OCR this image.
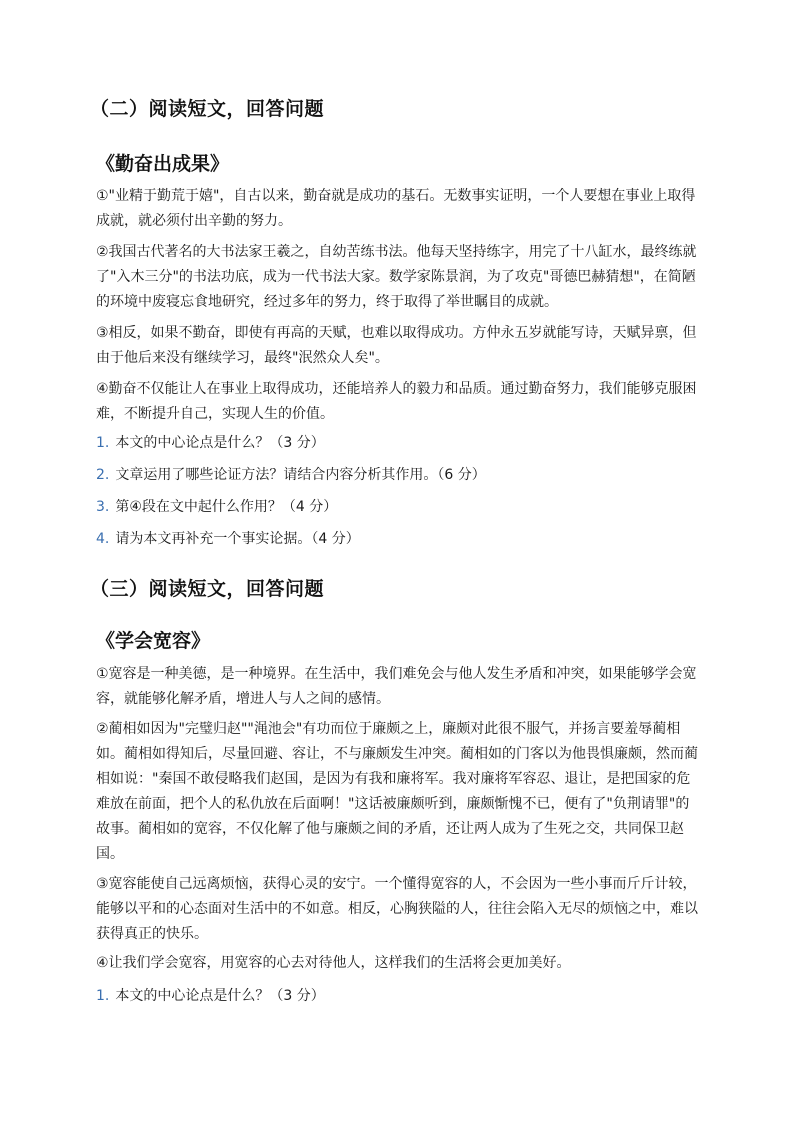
（二）阅读短文，回答问题
《勤奋出成果》

①"业精于勤荒于嬉"，自古以来，勤奋就是成功的基石。无数事实证明，一个人要想在事业上取得成就，就必须付出辛勤的努力。

②我国古代著名的大书法家王羲之，自幼苦练书法。他每天坚持练字，用完了十八缸水，最终练就了"入木三分"的书法功底，成为一代书法大家。数学家陈景润，为了攻克"哥德巴赫猜想"，在简陋的环境中废寝忘食地研究，经过多年的努力，终于取得了举世瞩目的成就。

③相反，如果不勤奋，即使有再高的天赋，也难以取得成功。方仲永五岁就能写诗，天赋异禀，但由于他后来没有继续学习，最终"泯然众人矣"。

④勤奋不仅能让人在事业上取得成功，还能培养人的毅力和品质。通过勤奋努力，我们能够克服困难，不断提升自己，实现人生的价值。

1. 本文的中心论点是什么？（3 分）

2. 文章运用了哪些论证方法？请结合内容分析其作用。（6 分）

3. 第④段在文中起什么作用？（4 分）

4. 请为本文再补充一个事实论据。（4 分）

（三）阅读短文，回答问题
《学会宽容》

①宽容是一种美德，是一种境界。在生活中，我们难免会与他人发生矛盾和冲突，如果能够学会宽容，就能够化解矛盾，增进人与人之间的感情。

②蔺相如因为"完璧归赵""渑池会"有功而位于廉颇之上，廉颇对此很不服气，并扬言要羞辱蔺相如。蔺相如得知后，尽量回避、容让，不与廉颇发生冲突。蔺相如的门客以为他畏惧廉颇，然而蔺相如说："秦国不敢侵略我们赵国，是因为有我和廉将军。我对廉将军容忍、退让，是把国家的危难放在前面，把个人的私仇放在后面啊！"这话被廉颇听到，廉颇惭愧不已，便有了"负荆请罪"的故事。蔺相如的宽容，不仅化解了他与廉颇之间的矛盾，还让两人成为了生死之交，共同保卫赵国。

③宽容能使自己远离烦恼，获得心灵的安宁。一个懂得宽容的人，不会因为一些小事而斤斤计较，能够以平和的心态面对生活中的不如意。相反，心胸狭隘的人，往往会陷入无尽的烦恼之中，难以获得真正的快乐。

④让我们学会宽容，用宽容的心去对待他人，这样我们的生活将会更加美好。

1. 本文的中心论点是什么？（3 分）
